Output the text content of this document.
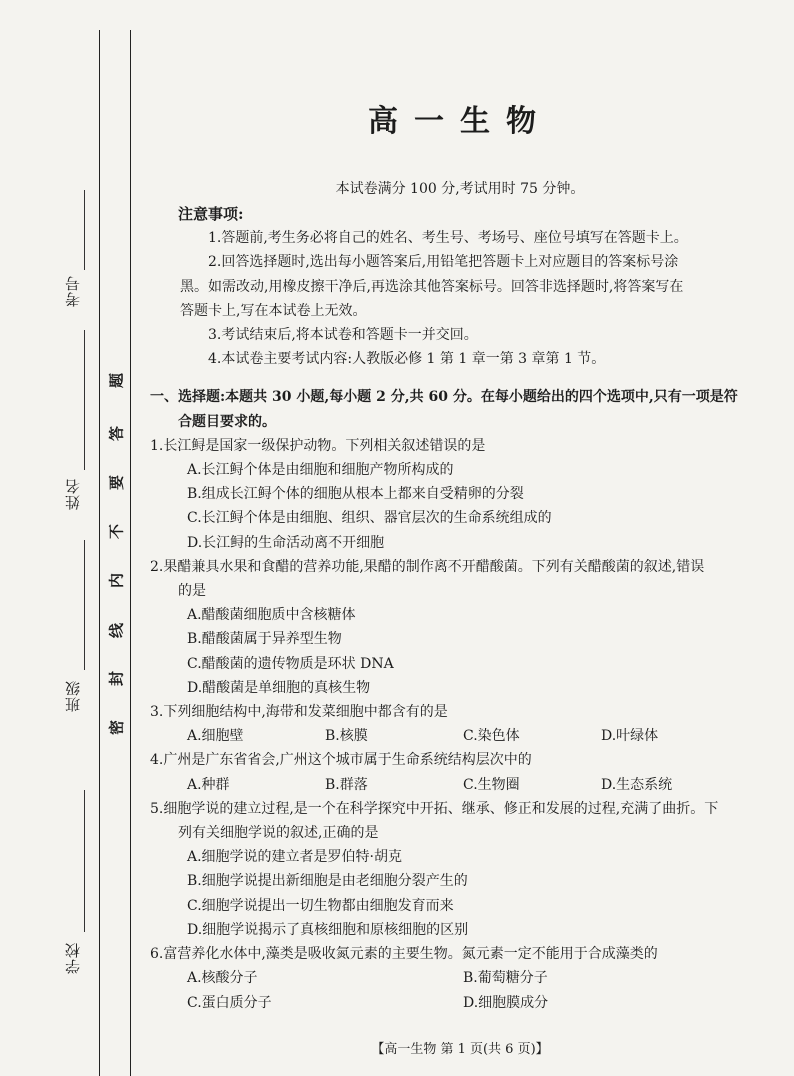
考号
姓名
班级
学校
题
答
要
不
内
线
封
密
高一生物
本试卷满分 100 分,考试用时 75 分钟。
注意事项:

1.答题前,考生务必将自己的姓名、考生号、考场号、座位号填写在答题卡上。

2.回答选择题时,选出每小题答案后,用铅笔把答题卡上对应题目的答案标号涂

黑。如需改动,用橡皮擦干净后,再选涂其他答案标号。回答非选择题时,将答案写在

答题卡上,写在本试卷上无效。

3.考试结束后,将本试卷和答题卡一并交回。

4.本试卷主要考试内容:人教版必修 1 第 1 章一第 3 章第 1 节。

一、选择题:本题共 30 小题,每小题 2 分,共 60 分。在每小题给出的四个选项中,只有一项是符
合题目要求的。
1.长江鲟是国家一级保护动物。下列相关叙述错误的是
A.长江鲟个体是由细胞和细胞产物所构成的
B.组成长江鲟个体的细胞从根本上都来自受精卵的分裂
C.长江鲟个体是由细胞、组织、器官层次的生命系统组成的
D.长江鲟的生命活动离不开细胞
2.果醋兼具水果和食醋的营养功能,果醋的制作离不开醋酸菌。下列有关醋酸菌的叙述,错误
的是
A.醋酸菌细胞质中含核糖体
B.醋酸菌属于异养型生物
C.醋酸菌的遗传物质是环状 DNA
D.醋酸菌是单细胞的真核生物
3.下列细胞结构中,海带和发菜细胞中都含有的是
A.细胞壁	B.核膜	C.染色体	D.叶绿体
4.广州是广东省省会,广州这个城市属于生命系统结构层次中的
A.种群	B.群落	C.生物圈	D.生态系统
5.细胞学说的建立过程,是一个在科学探究中开拓、继承、修正和发展的过程,充满了曲折。下
列有关细胞学说的叙述,正确的是
A.细胞学说的建立者是罗伯特·胡克
B.细胞学说提出新细胞是由老细胞分裂产生的
C.细胞学说提出一切生物都由细胞发育而来
D.细胞学说揭示了真核细胞和原核细胞的区别
6.富营养化水体中,藻类是吸收氮元素的主要生物。氮元素一定不能用于合成藻类的
A.核酸分子	B.葡萄糖分子
C.蛋白质分子	D.细胞膜成分
【高一生物 第 1 页(共 6 页)】
